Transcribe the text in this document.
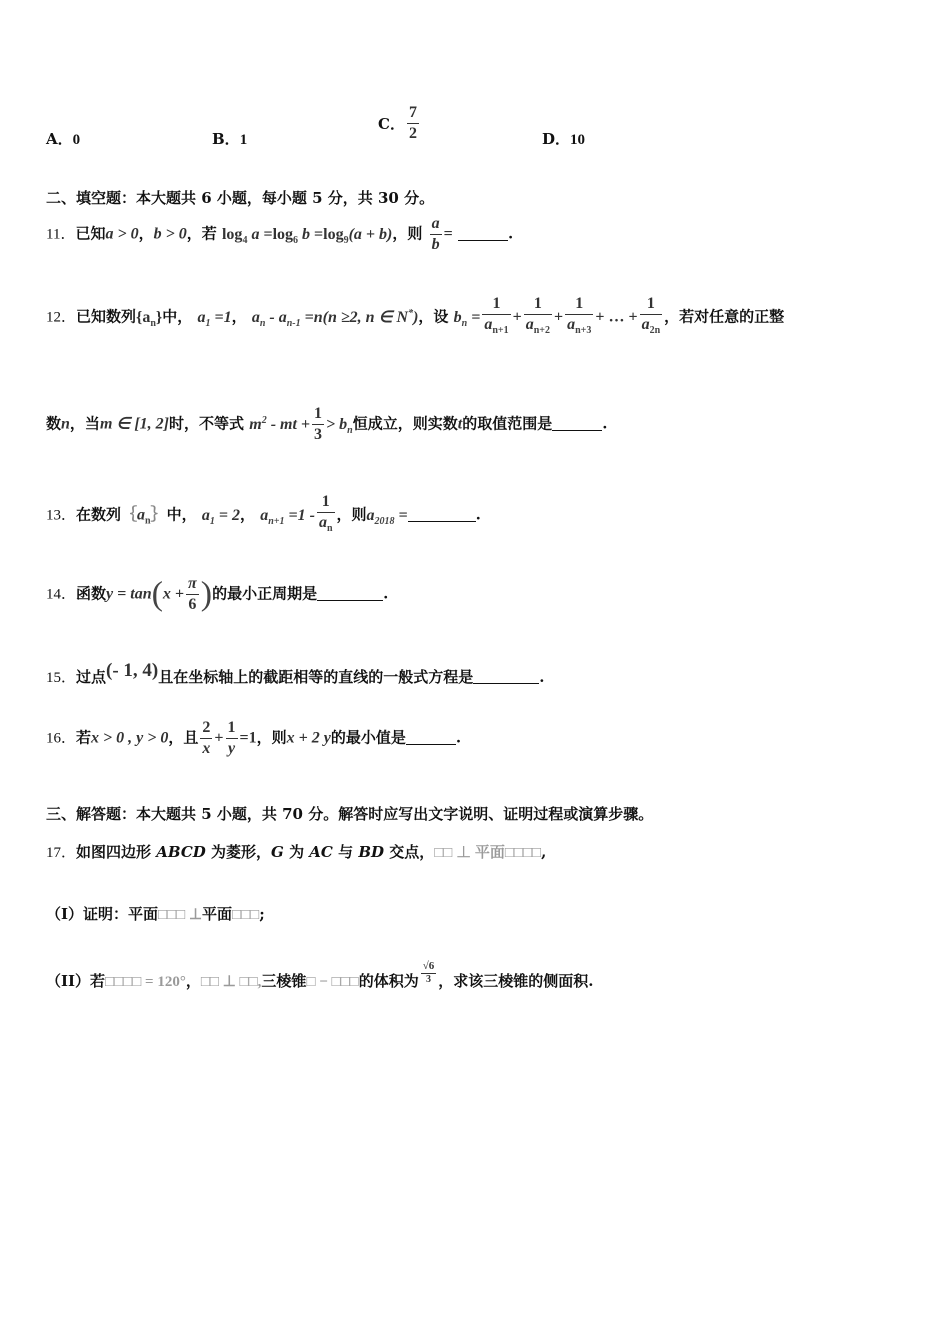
A．0	B．1
C． $\frac{7}{2}$	D．10
二、填空题：本大题共 6 小题，每小题 5 分，共 30 分。
11．已知a > 0，b > 0，若 $\log_4 a =\log_6$ $b =\log_9(a + b)$，则 $\frac{a}{b}$ =	.
12．已知数列$\{a_n\}$中， $a_1 =1$， $a_n - a_{n-1} =n(n \ge 2$, n ∈ N*)，设 $b_n = \frac{1}{a_{n+1}} + \frac{1}{a_{n+2}} + \frac{1}{a_{n+3}}$ + … + $\frac{1}{a_{2n}}$ ，若对任意的正整
数n，当m ∈ [1, 2]时，不等式 $m^2$ - mt + $\frac{1}{3} > b_n$恒成立，则实数t的取值范围是	.
13．在数列$\{a_n\}$中， $a_1 = 2$， $a_{n+1} =1 - \frac{1}{a_n}$ ，则$a_{2018}$ =	.
14．函数$y = \tan(x + \frac{\pi}{6}$ )的最小正周期是	.
15．过点(- 1, 4)且在坐标轴上的截距相等的直线的一般式方程是	.
16．若x > 0 , y > 0，且 $\frac{2}{x} + \frac{1}{y} =1$，则x + 2 y的最小值是	.
三、解答题：本大题共 5 小题，共 70 分。解答时应写出文字说明、证明过程或演算步骤。
17．如图四边形 ABCD 为菱形，G 为 AC 与 BD 交点，□□ ⊥ 平面□□□□,
（I）证明：平面□□□ ⊥平面□□□;
（II）若□□□□ = 120°，□□ ⊥ □□,三棱锥□ − □□□的体积为 $\frac{√6}{3}$ ，求该三棱锥的侧面积.
